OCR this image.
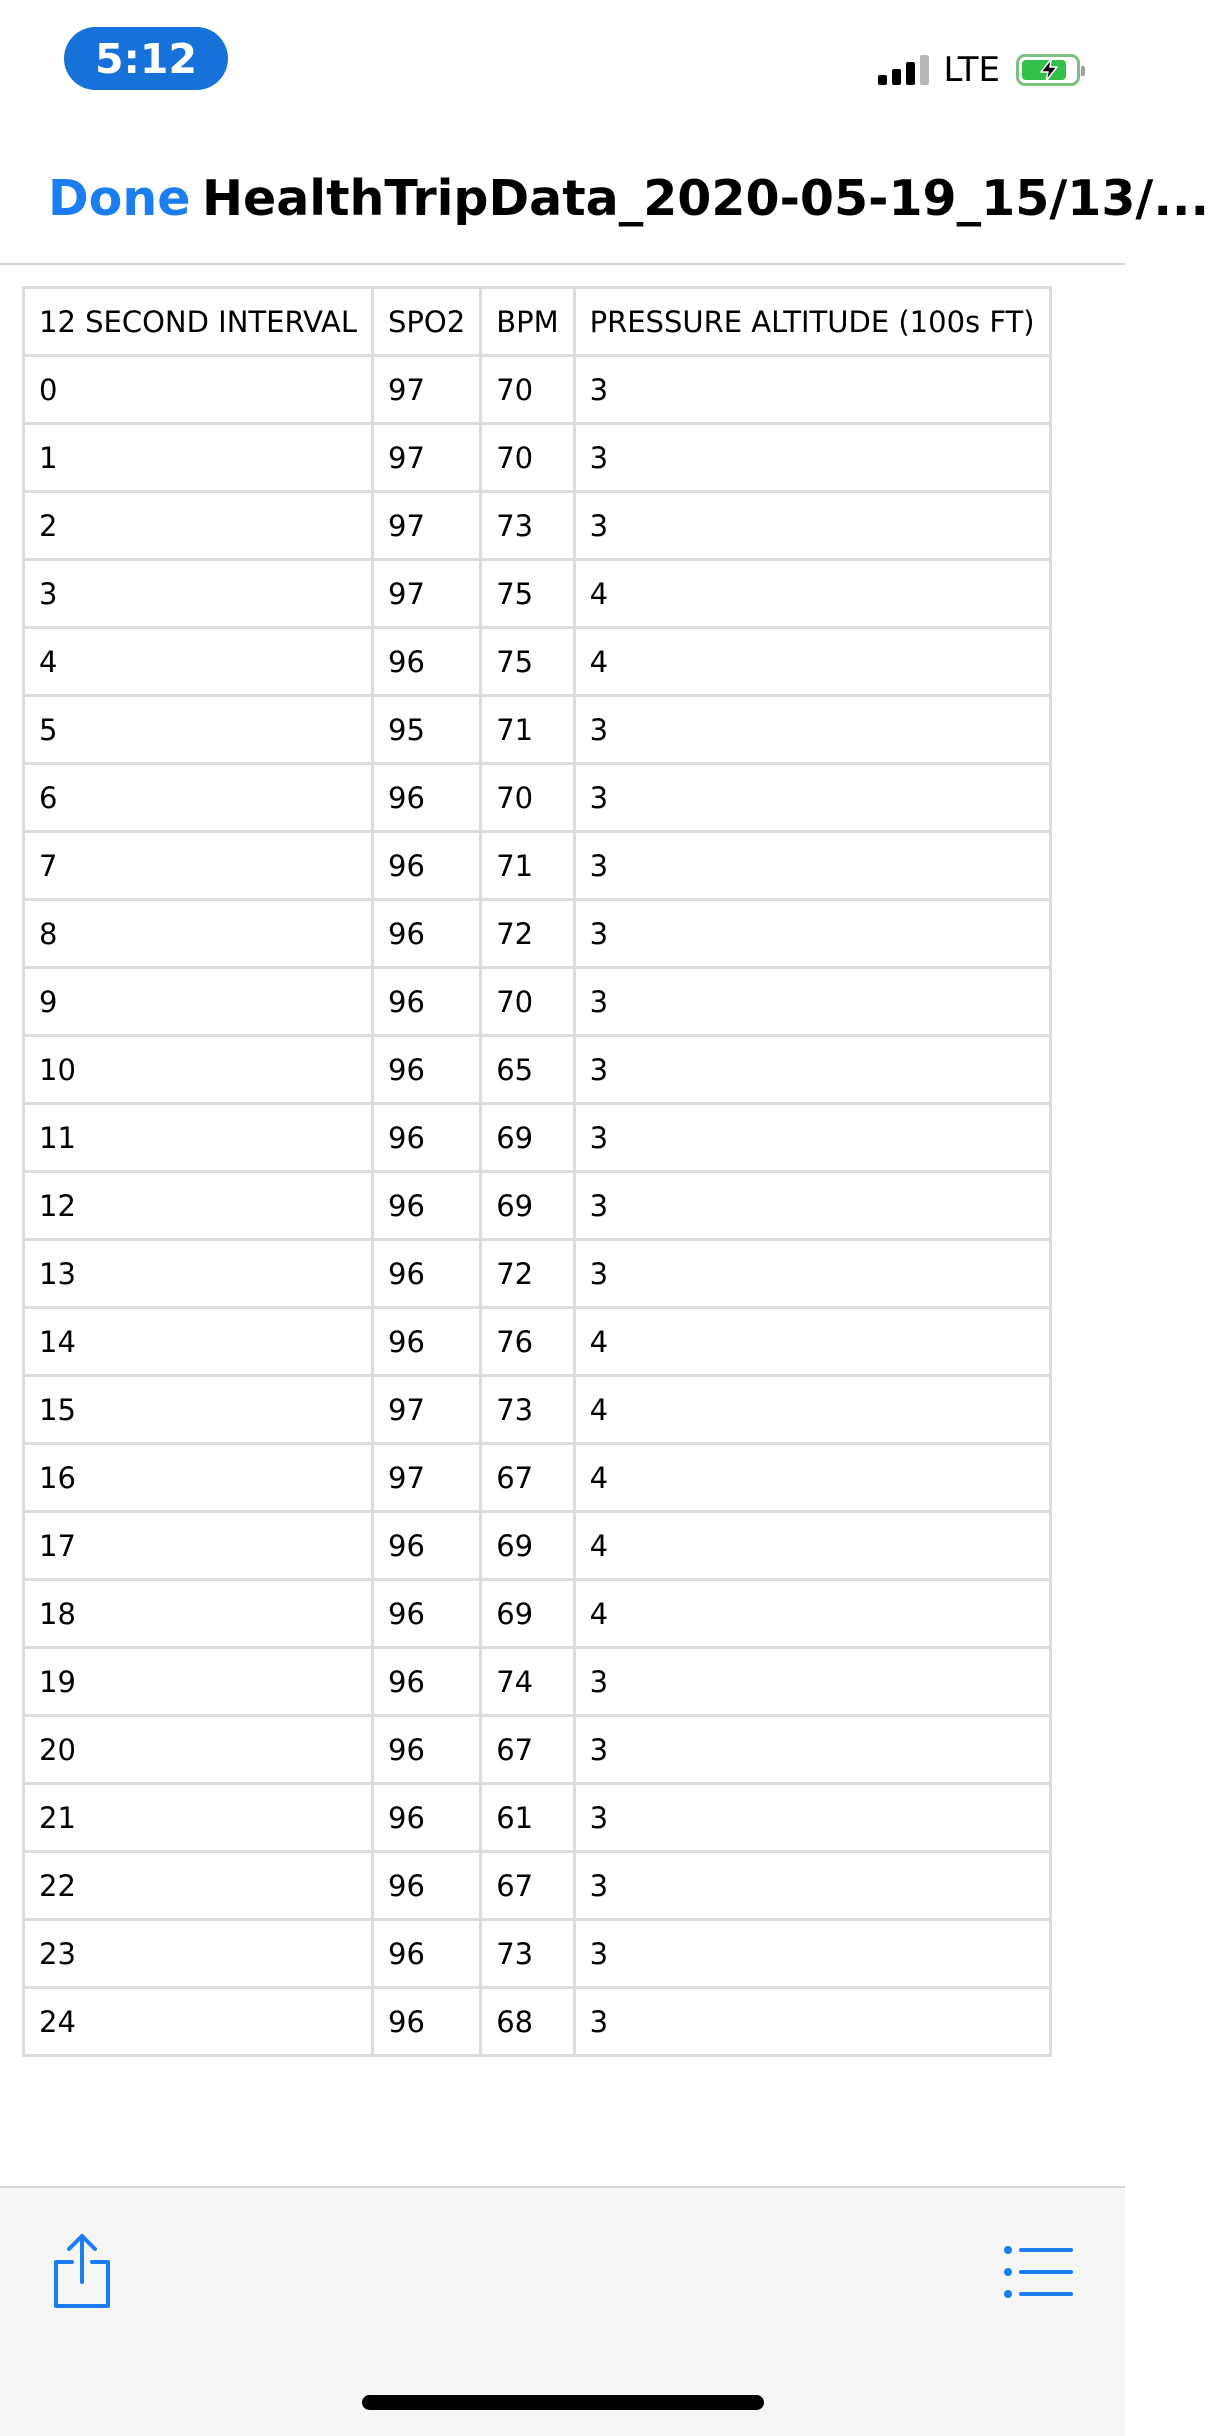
5:12	LTE
Done HealthTripData_2020-05-19_15/13/...
12 SECOND INTERVAL	SPO2	BPM	PRESSURE ALTITUDE (100s FT)
0	97	70	3
1	97	70	3
2	97	73	3
3	97	75	4
4	96	75	4
5	95	71	3
6	96	70	3
7	96	71	3
8	96	72	3
9	96	70	3
10	96	65	3
11	96	69	3
12	96	69	3
13	96	72	3
14	96	76	4
15	97	73	4
16	97	67	4
17	96	69	4
18	96	69	4
19	96	74	3
20	96	67	3
21	96	61	3
22	96	67	3
23	96	73	3
24	96	68	3
